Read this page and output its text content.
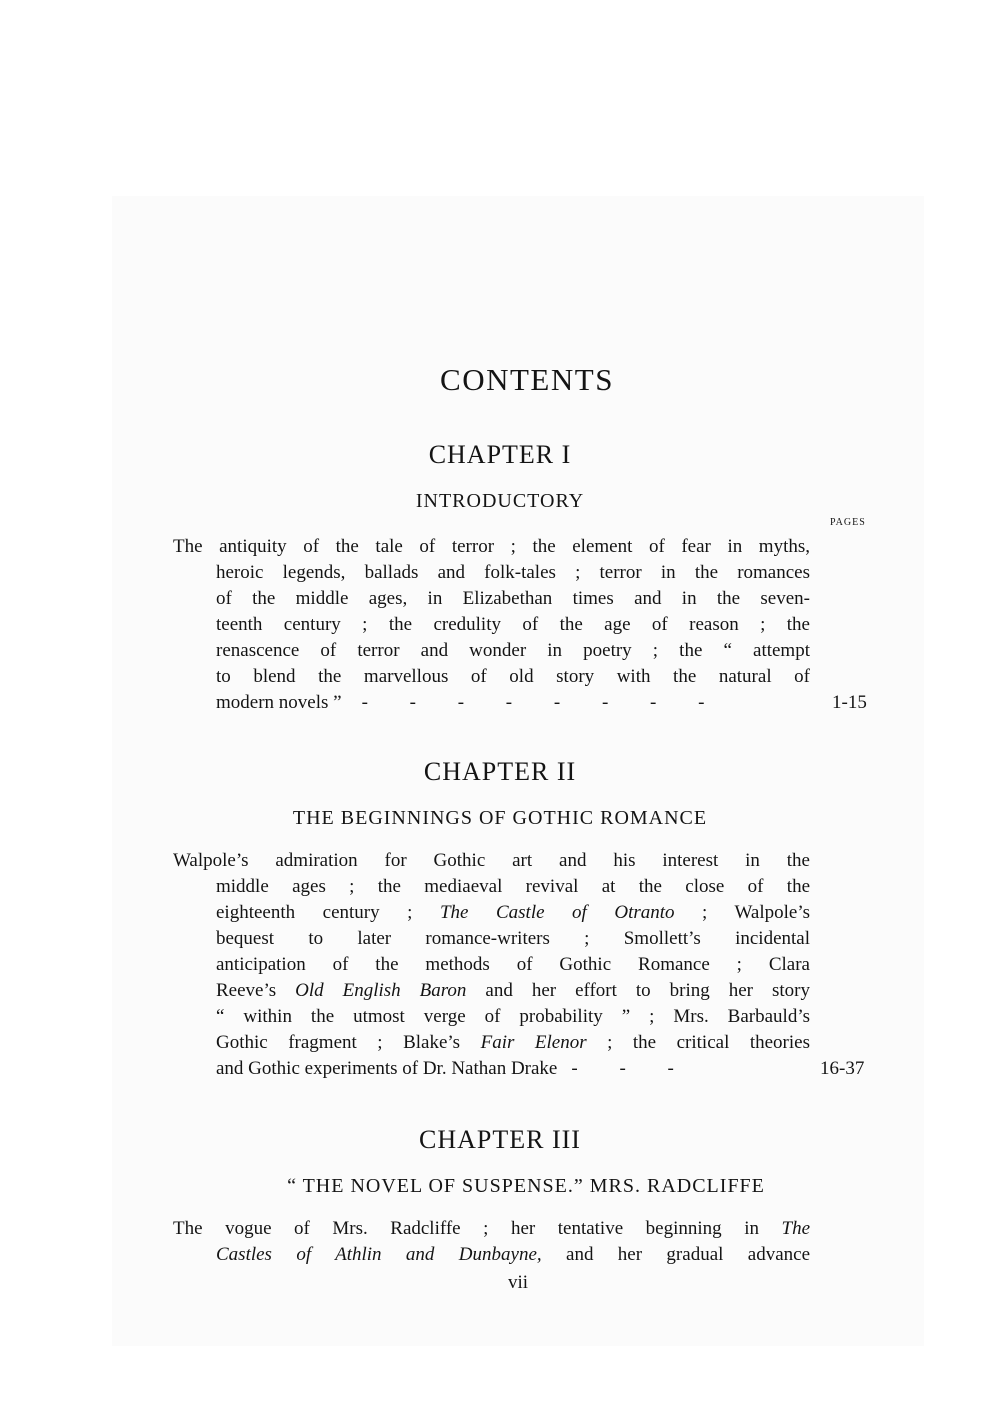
CONTENTS
CHAPTER I
INTRODUCTORY

PAGES

The antiquity of the tale of terror ; the element of fear in myths,
heroic legends, ballads and folk-tales ; terror in the romances
of the middle ages, in Elizabethan times and in the seven-
teenth century ; the credulity of the age of reason ; the
renascence of terror and wonder in poetry ; the “ attempt
to blend the marvellous of old story with the natural of
modern novels ” - - - - - - - -	1-15

CHAPTER II
THE BEGINNINGS OF GOTHIC ROMANCE
Walpole’s admiration for Gothic art and his interest in the
middle ages ; the mediaeval revival at the close of the
eighteenth century ; The Castle of Otranto ; Walpole’s
bequest to later romance-writers ; Smollett’s incidental
anticipation of the methods of Gothic Romance ; Clara
Reeve’s Old English Baron and her effort to bring her story
“ within the utmost verge of probability ” ; Mrs. Barbauld’s
Gothic fragment ; Blake’s Fair Elenor ; the critical theories
and Gothic experiments of Dr. Nathan Drake - - -	16-37

CHAPTER III
“ THE NOVEL OF SUSPENSE.” MRS. RADCLIFFE
The vogue of Mrs. Radcliffe ; her tentative beginning in The
Castles of Athlin and Dunbayne, and her gradual advance

vii
